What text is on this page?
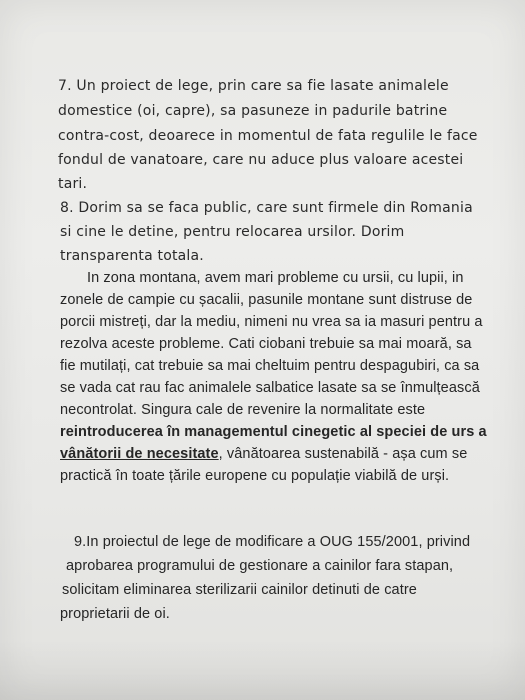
7. Un proiect de lege, prin care sa fie lasate animalele
domestice (oi, capre), sa pasuneze in padurile batrine
contra-cost, deoarece in momentul de fata regulile le face
fondul de vanatoare, care nu aduce plus valoare acestei
tari.
8. Dorim sa se faca public, care sunt firmele din Romania
si cine le detine, pentru relocarea ursilor. Dorim
transparenta totala.
In zona montana, avem mari probleme cu ursii, cu lupii, in
zonele de campie cu șacalii, pasunile montane sunt distruse de
porcii mistreți, dar la mediu, nimeni nu vrea sa ia masuri pentru a
rezolva aceste probleme. Cati ciobani trebuie sa mai moară, sa
fie mutilați, cat trebuie sa mai cheltuim pentru despagubiri, ca sa
se vada cat rau fac animalele salbatice lasate sa se înmulțească
necontrolat. Singura cale de revenire la normalitate este
reintroducerea în managementul cinegetic al speciei de urs a
vânătorii de necesitate, vânătoarea sustenabilă - așa cum se
practică în toate țările europene cu populație viabilă de urși.
9.In proiectul de lege de modificare a OUG 155/2001, privind
aprobarea programului de gestionare a cainilor fara stapan,
solicitam eliminarea sterilizarii cainilor detinuti de catre
proprietarii de oi.
